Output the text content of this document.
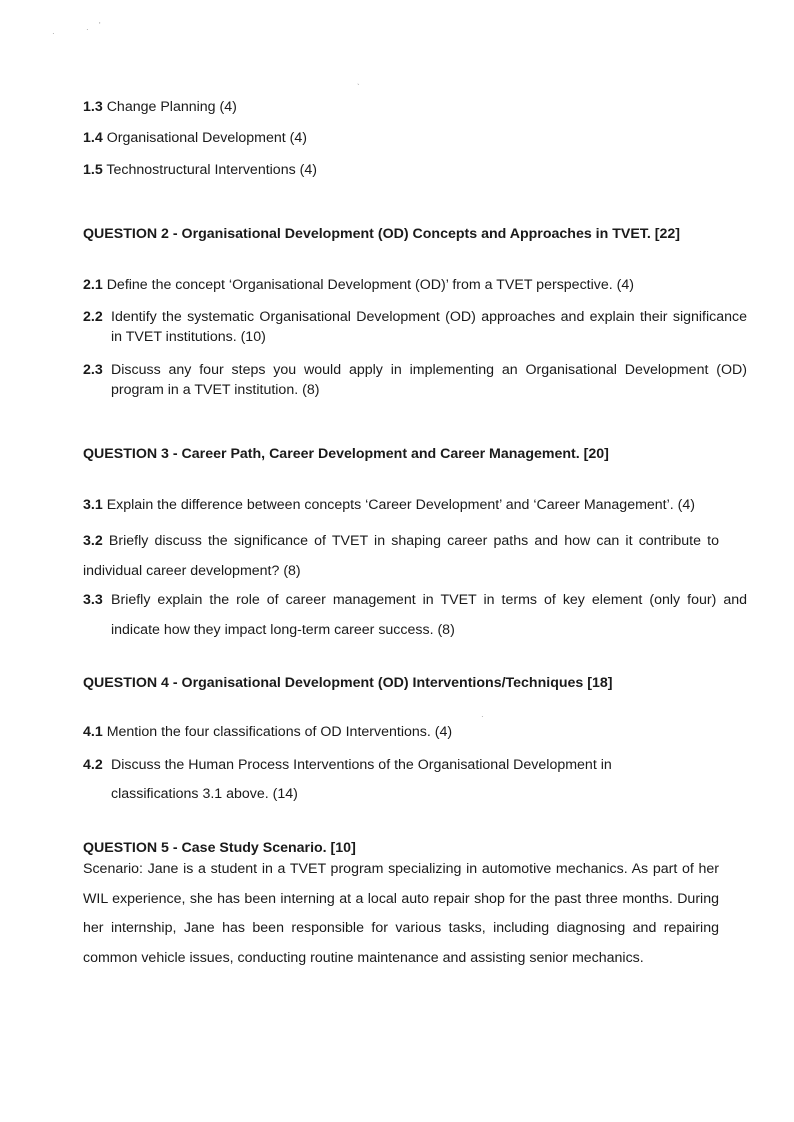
·	· '
`
·

1.3 Change Planning (4)

1.4 Organisational Development (4)

1.5 Technostructural Interventions (4)

QUESTION 2 - Organisational Development (OD) Concepts and Approaches in TVET. [22]

2.1 Define the concept ‘Organisational Development (OD)’ from a TVET perspective. (4)

2.2 Identify the systematic Organisational Development (OD) approaches and explain their significance in TVET institutions. (10)

2.3 Discuss any four steps you would apply in implementing an Organisational Development (OD) program in a TVET institution. (8)

QUESTION 3 - Career Path, Career Development and Career Management. [20]

3.1 Explain the difference between concepts ‘Career Development’ and ‘Career Management’. (4)

3.2 Briefly discuss the significance of TVET in shaping career paths and how can it contribute to individual career development? (8)

3.3 Briefly explain the role of career management in TVET in terms of key element (only four) and indicate how they impact long-term career success. (8)

QUESTION 4 - Organisational Development (OD) Interventions/Techniques [18]

4.1 Mention the four classifications of OD Interventions. (4)

4.2 Discuss the Human Process Interventions of the Organisational Development in
classifications 3.1 above. (14)

QUESTION 5 - Case Study Scenario. [10]

Scenario: Jane is a student in a TVET program specializing in automotive mechanics. As part of her WIL experience, she has been interning at a local auto repair shop for the past three months. During her internship, Jane has been responsible for various tasks, including diagnosing and repairing common vehicle issues, conducting routine maintenance and assisting senior mechanics.
